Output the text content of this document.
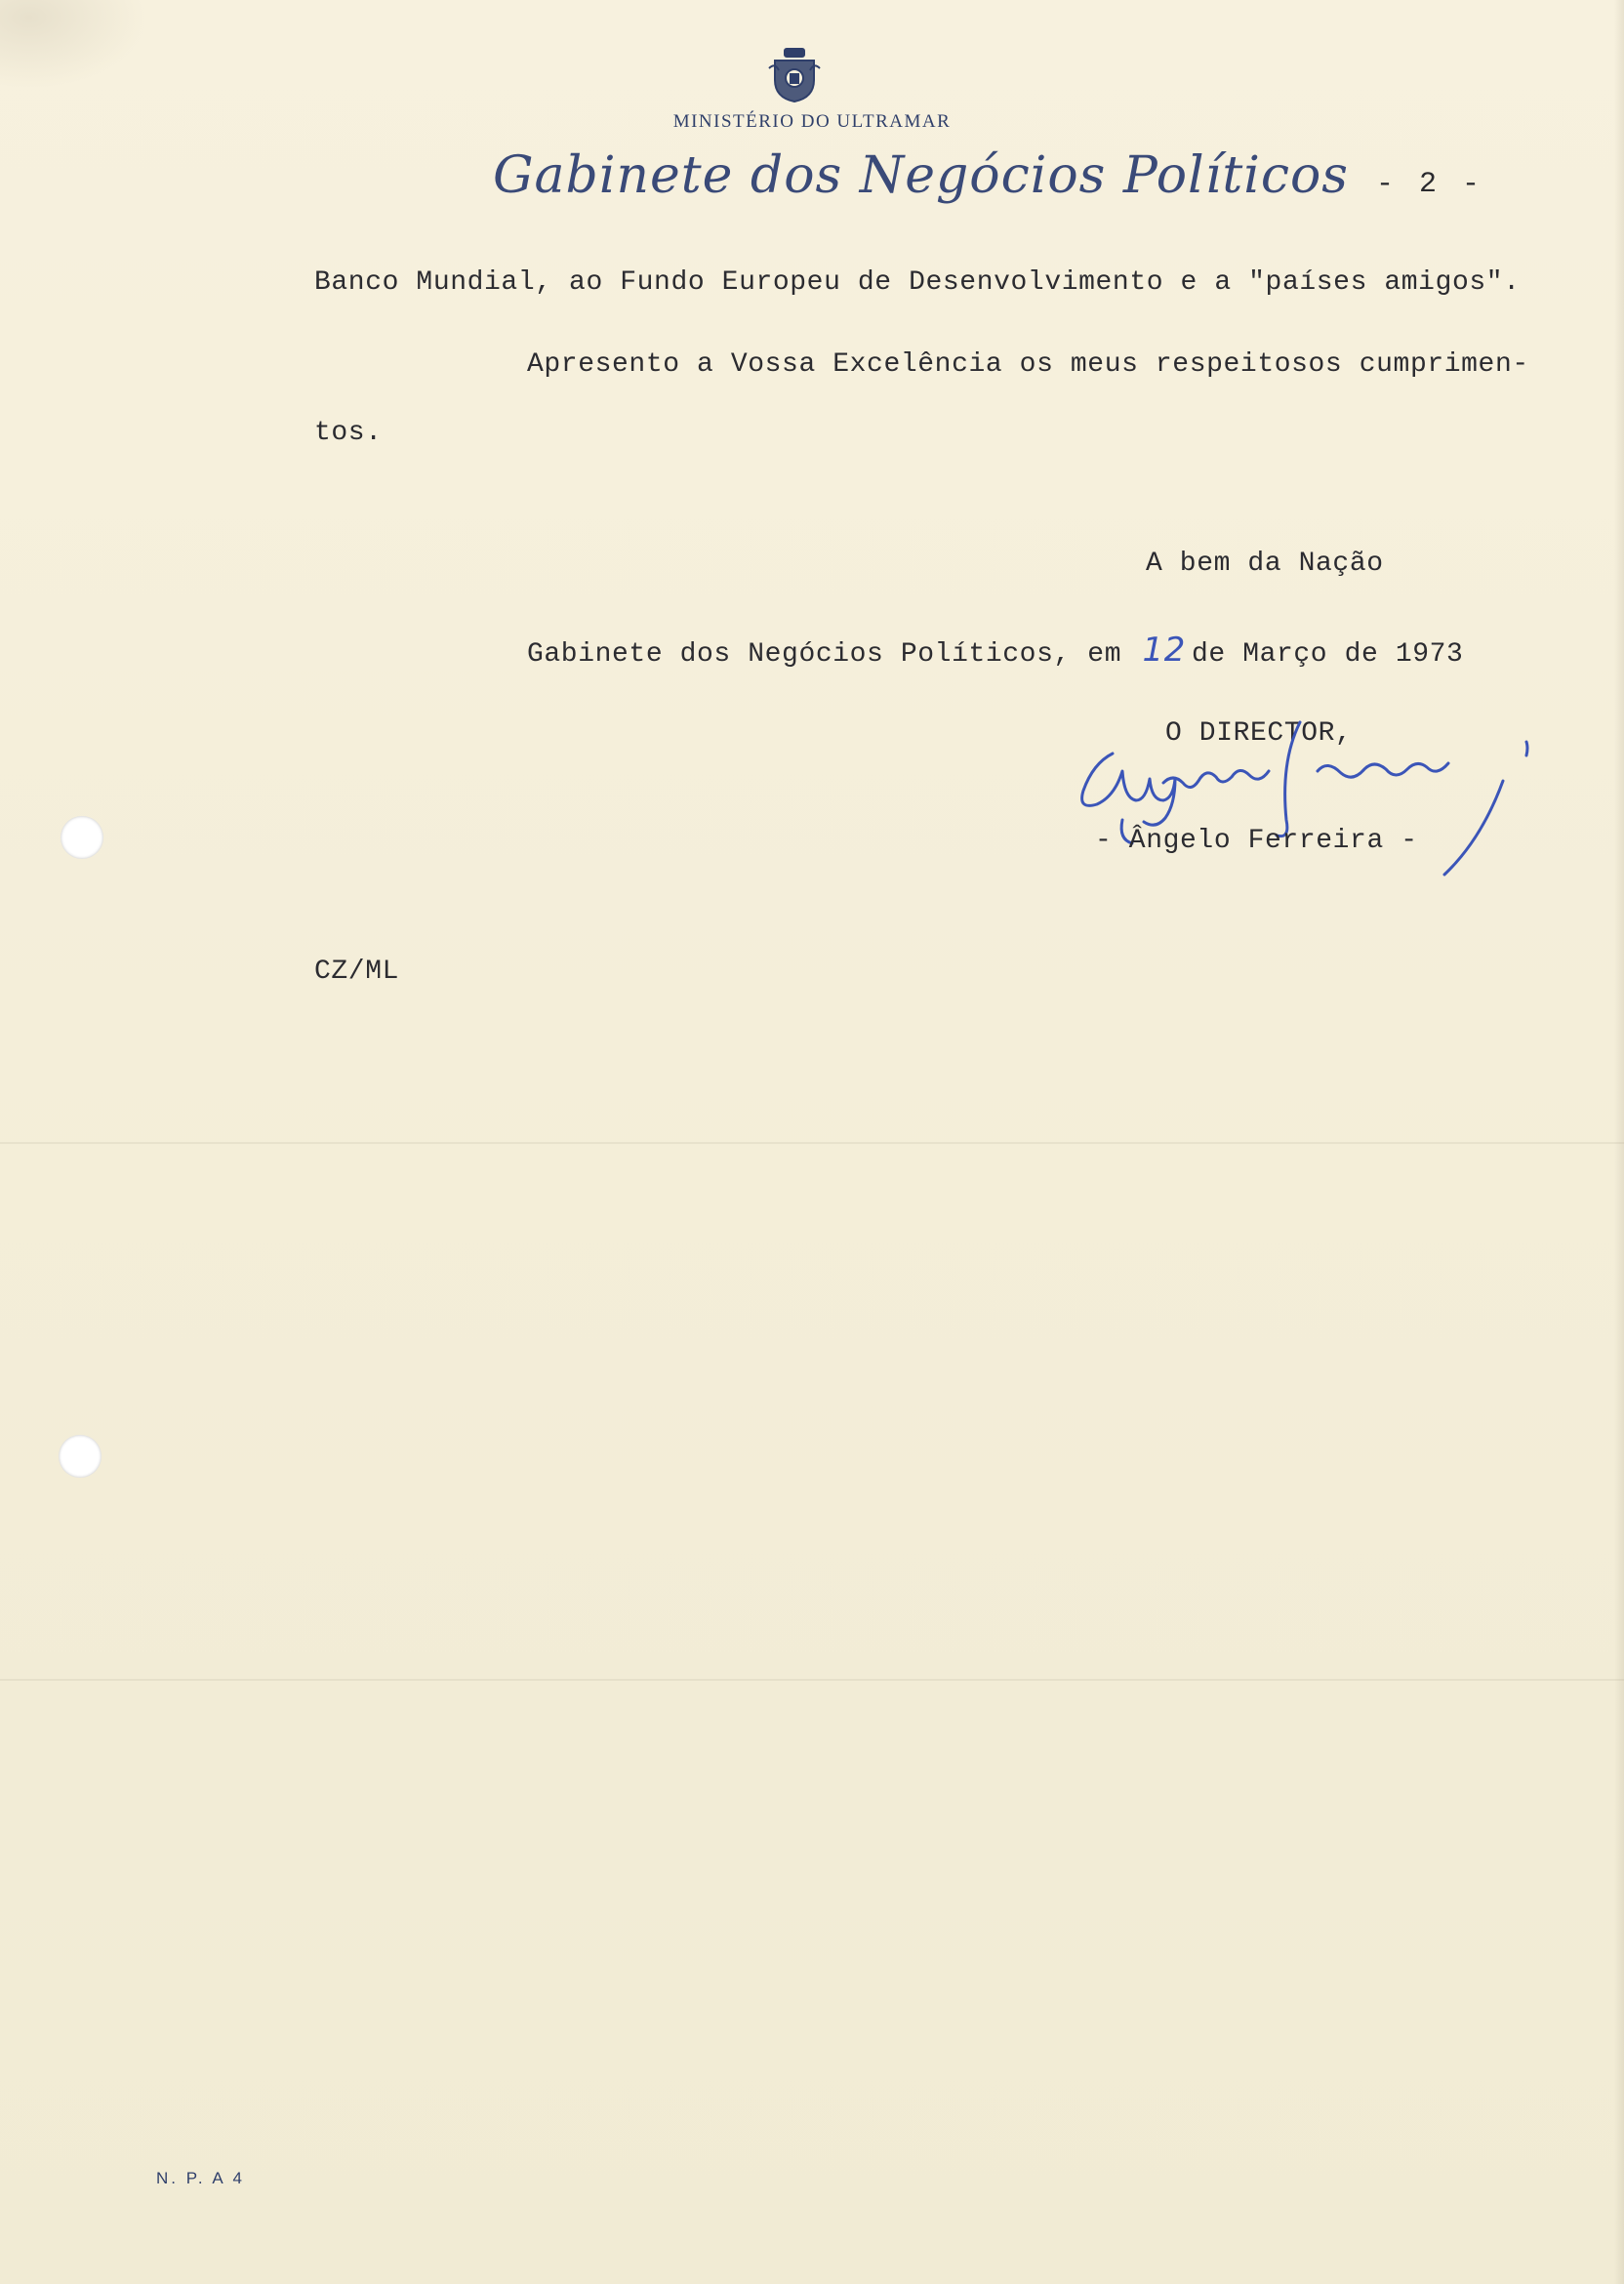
MINISTÉRIO DO ULTRAMAR
Gabinete dos Negócios Políticos - 2 -
Banco Mundial, ao Fundo Europeu de Desenvolvimento e a "países amigos".
Apresento a Vossa Excelência os meus respeitosos cumprimen-
tos.
A bem da Nação
Gabinete dos Negócios Políticos, em 12 de Março de 1973
O DIRECTOR,
- Ângelo Ferreira -
CZ/ML
N. P. A 4
